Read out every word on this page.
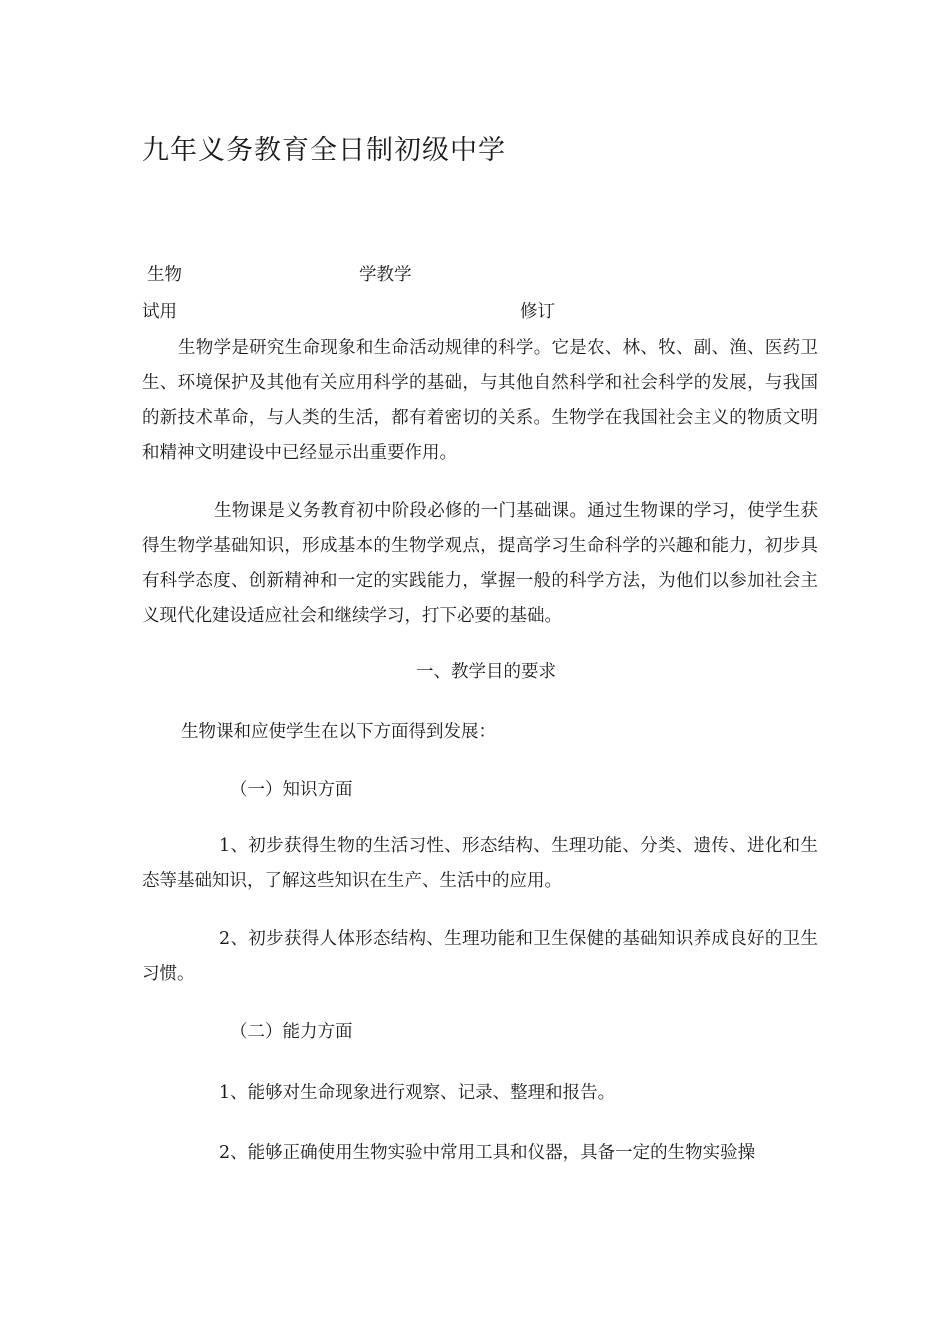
九年义务教育全日制初级中学
生物	学教学
试用	修订

生物学是研究生命现象和生命活动规律的科学。它是农、林、牧、副、渔、医药卫生、环境保护及其他有关应用科学的基础，与其他自然科学和社会科学的发展，与我国的新技术革命，与人类的生活，都有着密切的关系。生物学在我国社会主义的物质文明和精神文明建设中已经显示出重要作用。

生物课是义务教育初中阶段必修的一门基础课。通过生物课的学习，使学生获得生物学基础知识，形成基本的生物学观点，提高学习生命科学的兴趣和能力，初步具有科学态度、创新精神和一定的实践能力，掌握一般的科学方法，为他们以参加社会主义现代化建设适应社会和继续学习，打下必要的基础。

一、教学目的要求
生物课和应使学生在以下方面得到发展：
（一）知识方面

1、初步获得生物的生活习性、形态结构、生理功能、分类、遗传、进化和生态等基础知识，了解这些知识在生产、生活中的应用。

2、初步获得人体形态结构、生理功能和卫生保健的基础知识养成良好的卫生习惯。

（二）能力方面
1、能够对生命现象进行观察、记录、整理和报告。
2、能够正确使用生物实验中常用工具和仪器，具备一定的生物实验操
